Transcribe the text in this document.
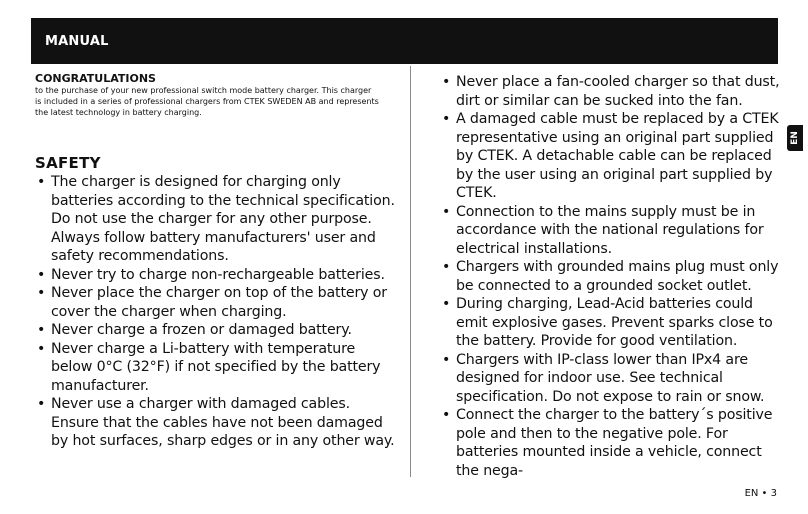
MANUAL

CONGRATULATIONS

to the purchase of your new professional switch mode battery charger. This charger is included in a series of professional chargers from CTEK SWEDEN AB and represents the latest technology in battery charging.

SAFETY
• The charger is designed for charging only batteries according to the technical specification. Do not use the charger for any other purpose. Always follow battery manufacturers' user and safety recommendations.
• Never try to charge non-rechargeable batteries.
• Never place the charger on top of the battery or cover the charger when charging.
• Never charge a frozen or damaged battery.
• Never charge a Li-battery with temperature below 0°C (32°F) if not specified by the battery manufacturer.
• Never use a charger with damaged cables. Ensure that the cables have not been damaged by hot surfaces, sharp edges or in any other way.
• Never place a fan-cooled charger so that dust, dirt or similar can be sucked into the fan.
• A damaged cable must be replaced by a CTEK representative using an original part supplied by CTEK. A detachable cable can be replaced by the user using an original part supplied by CTEK.
• Connection to the mains supply must be in accordance with the national regulations for electrical installations.
• Chargers with grounded mains plug must only be connected to a grounded socket outlet.
• During charging, Lead-Acid batteries could emit explosive gases. Prevent sparks close to the battery. Provide for good ventilation.
• Chargers with IP-class lower than IPx4 are designed for indoor use. See technical specification. Do not expose to rain or snow.
• Connect the charger to the battery´s positive pole and then to the negative pole. For batteries mounted inside a vehicle, connect the nega-
EN
EN • 3
